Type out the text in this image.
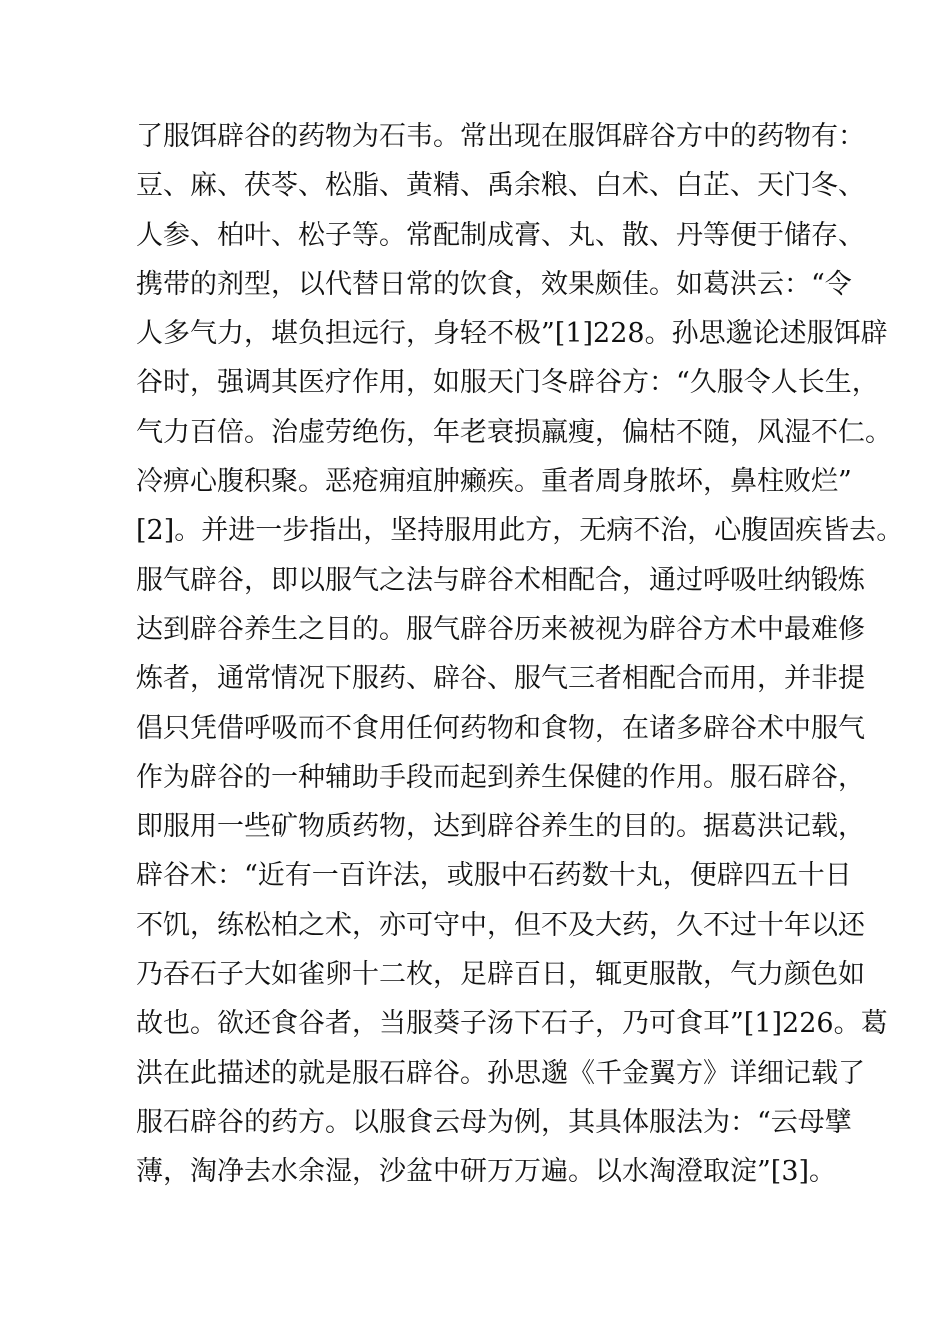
了服饵辟谷的药物为石韦。常出现在服饵辟谷方中的药物有：
豆、麻、茯苓、松脂、黄精、禹余粮、白术、白芷、天门冬、
人参、柏叶、松子等。常配制成膏、丸、散、丹等便于储存、
携带的剂型，以代替日常的饮食，效果颇佳。如葛洪云：“令
人多气力，堪负担远行，身轻不极”[1]228。孙思邈论述服饵辟
谷时，强调其医疗作用，如服天门冬辟谷方：“久服令人长生，
气力百倍。治虚劳绝伤，年老衰损羸瘦，偏枯不随，风湿不仁。
冷痹心腹积聚。恶疮痈疽肿癞疾。重者周身脓坏，鼻柱败烂”
[2]。并进一步指出，坚持服用此方，无病不治，心腹固疾皆去。
服气辟谷，即以服气之法与辟谷术相配合，通过呼吸吐纳锻炼
达到辟谷养生之目的。服气辟谷历来被视为辟谷方术中最难修
炼者，通常情况下服药、辟谷、服气三者相配合而用，并非提
倡只凭借呼吸而不食用任何药物和食物，在诸多辟谷术中服气
作为辟谷的一种辅助手段而起到养生保健的作用。服石辟谷，
即服用一些矿物质药物，达到辟谷养生的目的。据葛洪记载，
辟谷术：“近有一百许法，或服中石药数十丸，便辟四五十日
不饥，练松柏之术，亦可守中，但不及大药，久不过十年以还
乃吞石子大如雀卵十二枚，足辟百日，辄更服散，气力颜色如
故也。欲还食谷者，当服葵子汤下石子，乃可食耳”[1]226。葛
洪在此描述的就是服石辟谷。孙思邈《千金翼方》详细记载了
服石辟谷的药方。以服食云母为例，其具体服法为：“云母擘
薄，淘净去水余湿，沙盆中研万万遍。以水淘澄取淀”[3]。
